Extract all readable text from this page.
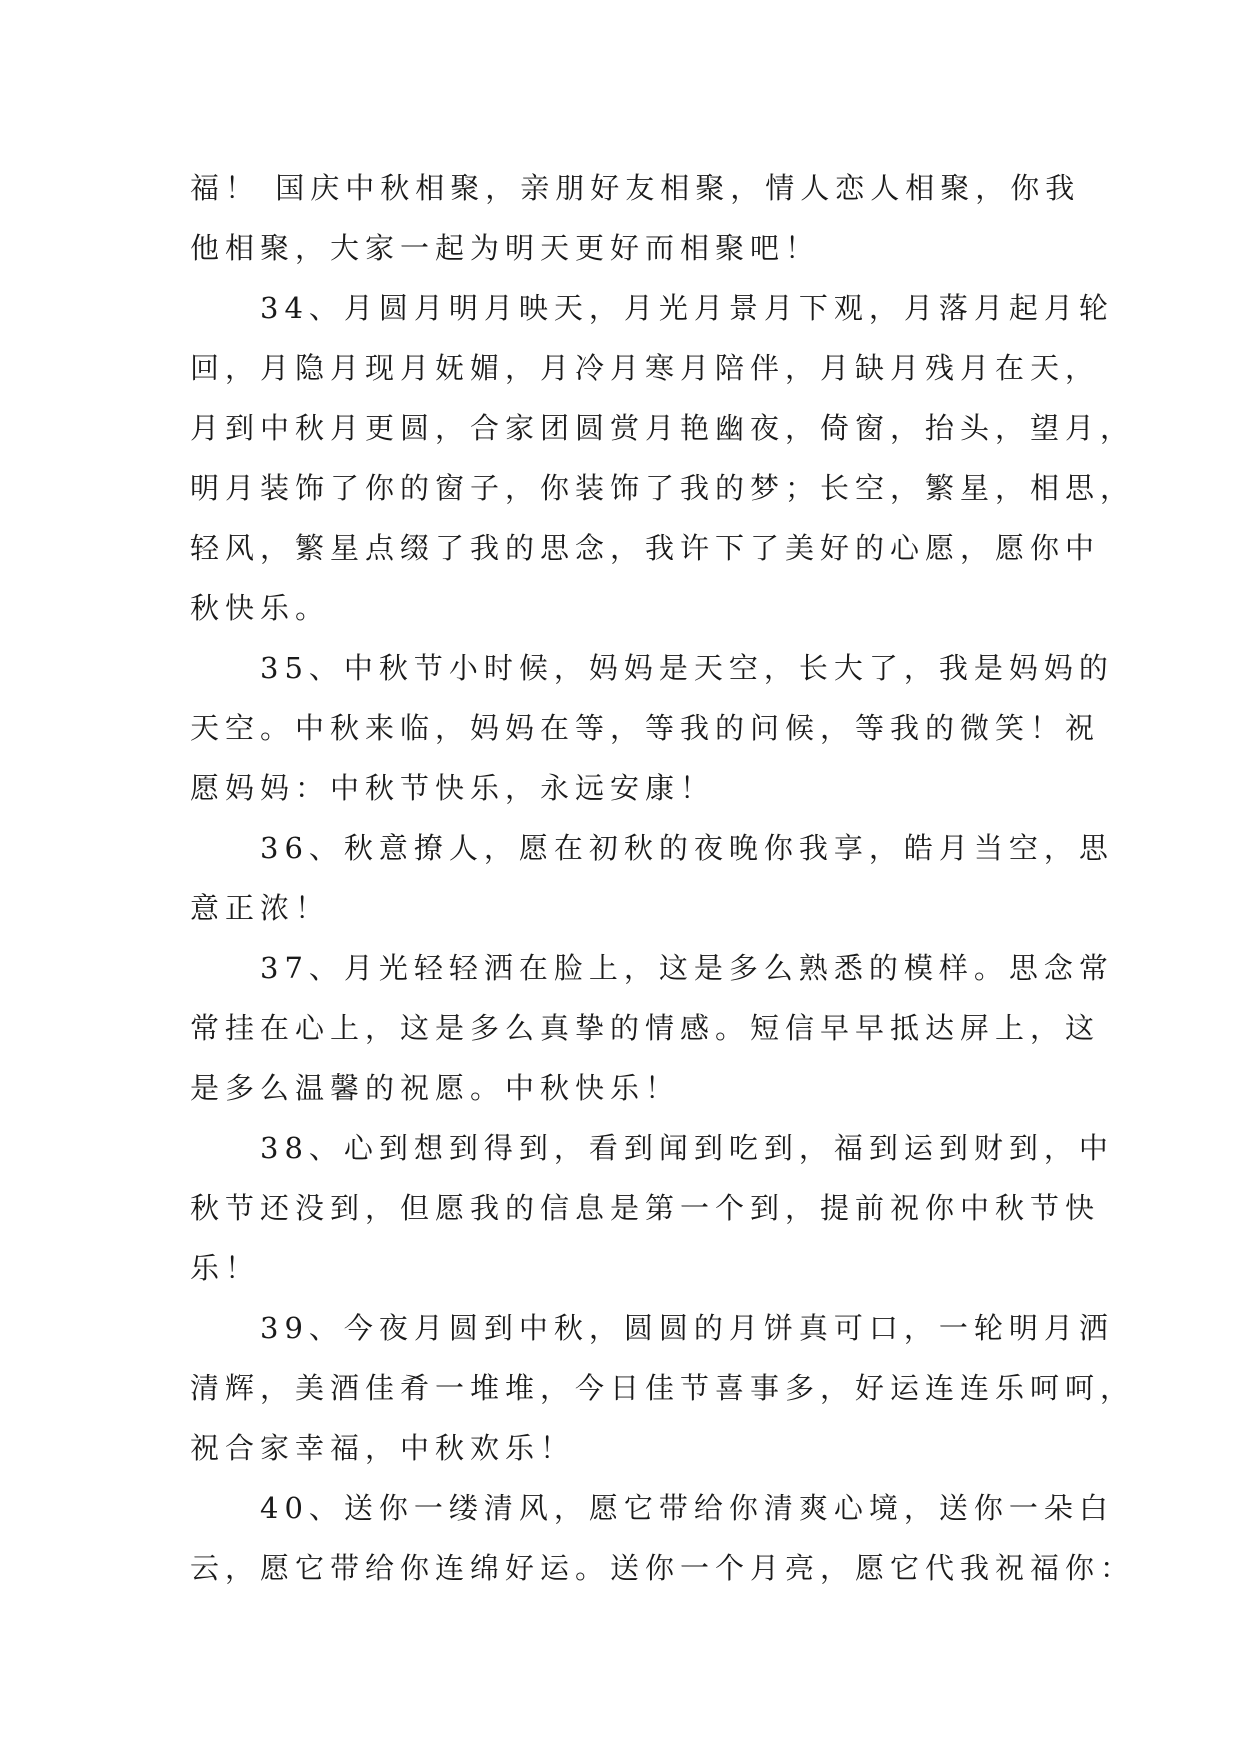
福！ 国庆中秋相聚，亲朋好友相聚，情人恋人相聚，你我
他相聚，大家一起为明天更好而相聚吧！

　　34、月圆月明月映天，月光月景月下观，月落月起月轮
回，月隐月现月妩媚，月冷月寒月陪伴，月缺月残月在天，
月到中秋月更圆，合家团圆赏月艳幽夜，倚窗，抬头，望月，
明月装饰了你的窗子，你装饰了我的梦；长空，繁星，相思，
轻风，繁星点缀了我的思念，我许下了美好的心愿，愿你中
秋快乐。

　　35、中秋节小时候，妈妈是天空，长大了，我是妈妈的
天空。中秋来临，妈妈在等，等我的问候，等我的微笑！祝
愿妈妈：中秋节快乐，永远安康！

　　36、秋意撩人，愿在初秋的夜晚你我享，皓月当空，思
意正浓！

　　37、月光轻轻洒在脸上，这是多么熟悉的模样。思念常
常挂在心上，这是多么真挚的情感。短信早早抵达屏上，这
是多么温馨的祝愿。中秋快乐！

　　38、心到想到得到，看到闻到吃到，福到运到财到，中
秋节还没到，但愿我的信息是第一个到，提前祝你中秋节快
乐！

　　39、今夜月圆到中秋，圆圆的月饼真可口，一轮明月洒
清辉，美酒佳肴一堆堆，今日佳节喜事多，好运连连乐呵呵，
祝合家幸福，中秋欢乐！

　　40、送你一缕清风，愿它带给你清爽心境，送你一朵白
云，愿它带给你连绵好运。送你一个月亮，愿它代我祝福你：
